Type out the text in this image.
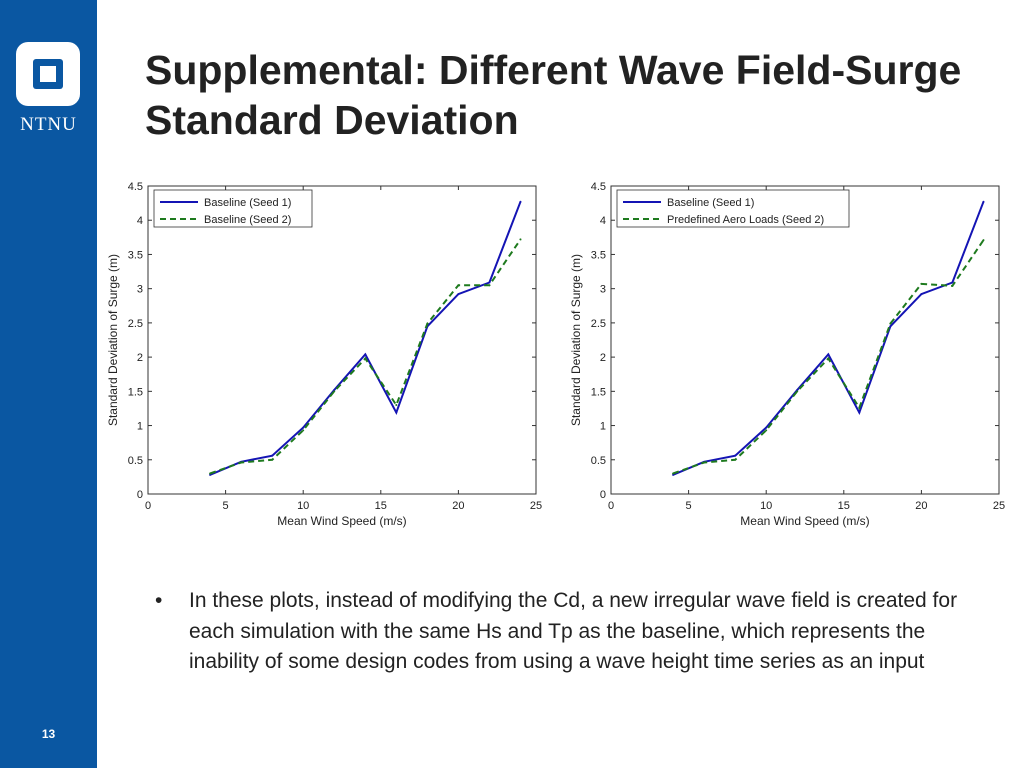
NTNU
13
Supplemental: Different Wave Field-Surge Standard Deviation
0	5	10	15	20	25
0
0.5
1
1.5
2
2.5
3
3.5
4
4.5
Mean Wind Speed (m/s)
Standard Deviation of Surge (m)
Baseline (Seed 1)
Baseline (Seed 2)
0	5	10	15	20	25
0
0.5
1
1.5
2
2.5
3
3.5
4
4.5
Mean Wind Speed (m/s)
Standard Deviation of Surge (m)
Baseline (Seed 1)
Predefined Aero Loads (Seed 2)
• In these plots, instead of modifying the Cd, a new irregular wave field is created for each simulation with the same Hs and Tp as the baseline, which represents the inability of some design codes from using a wave height time series as an input
